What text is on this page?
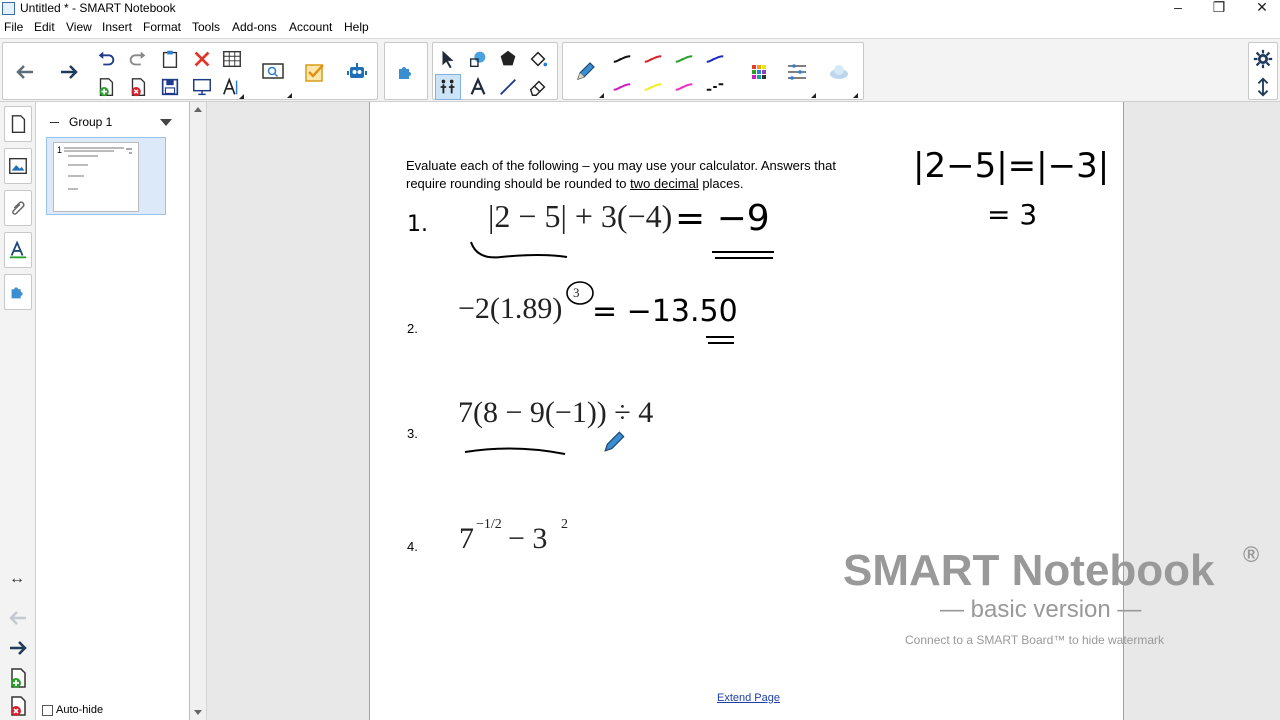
Untitled * - SMART Notebook	–	❐	✕
File Edit View Insert Format Tools Add-ons Account Help
↔
Group 1
1
Auto-hide
Evaluate each of the following – you may use your calculator. Answers that
require rounding should be rounded to two decimal places.
1. |2 − 5| + 3(−4) = −9
2.
−2(1.89) 3
= −13.50
3.
7(8 − 9(−1)) ÷ 4
4. 7 −1/2 − 3 2
|2−5|=|−3|
= 3
Extend Page
SMART Notebook ®
— basic version —
Connect to a SMART Board™ to hide watermark
